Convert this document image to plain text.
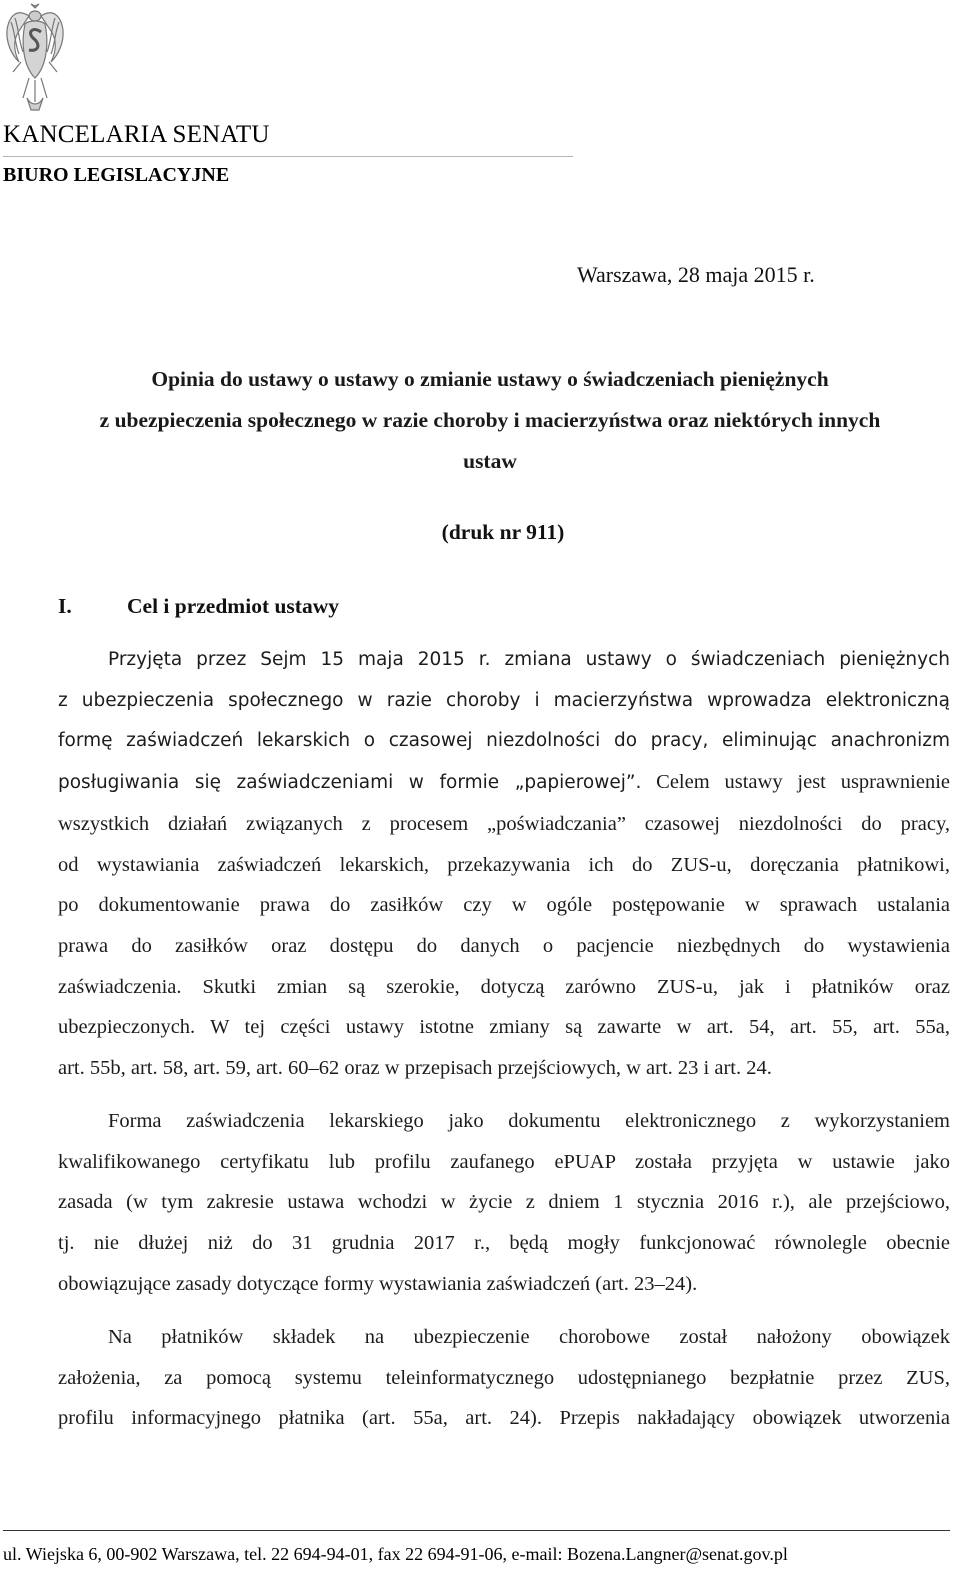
KANCELARIA SENATU
BIURO LEGISLACYJNE
Warszawa, 28 maja 2015 r.
Opinia do ustawy o ustawy o zmianie ustawy o świadczeniach pieniężnych
z ubezpieczenia społecznego w razie choroby i macierzyństwa oraz niektórych innych
ustaw
(druk nr 911)
I.	Cel i przedmiot ustawy
Przyjęta przez Sejm 15 maja 2015 r. zmiana ustawy o świadczeniach pieniężnych
z ubezpieczenia społecznego w razie choroby i macierzyństwa wprowadza elektroniczną
formę zaświadczeń lekarskich o czasowej niezdolności do pracy, eliminując anachronizm
posługiwania się zaświadczeniami w formie „papierowej”. Celem ustawy jest usprawnienie
wszystkich działań związanych z procesem „poświadczania” czasowej niezdolności do pracy,
od wystawiania zaświadczeń lekarskich, przekazywania ich do ZUS-u, doręczania płatnikowi,
po dokumentowanie prawa do zasiłków czy w ogóle postępowanie w sprawach ustalania
prawa do zasiłków oraz dostępu do danych o pacjencie niezbędnych do wystawienia
zaświadczenia. Skutki zmian są szerokie, dotyczą zarówno ZUS-u, jak i płatników oraz
ubezpieczonych. W tej części ustawy istotne zmiany są zawarte w art. 54, art. 55, art. 55a,
art. 55b, art. 58, art. 59, art. 60–62 oraz w przepisach przejściowych, w art. 23 i art. 24.
Forma zaświadczenia lekarskiego jako dokumentu elektronicznego z wykorzystaniem
kwalifikowanego certyfikatu lub profilu zaufanego ePUAP została przyjęta w ustawie jako
zasada (w tym zakresie ustawa wchodzi w życie z dniem 1 stycznia 2016 r.), ale przejściowo,
tj. nie dłużej niż do 31 grudnia 2017 r., będą mogły funkcjonować równolegle obecnie
obowiązujące zasady dotyczące formy wystawiania zaświadczeń (art. 23–24).
Na płatników składek na ubezpieczenie chorobowe został nałożony obowiązek
założenia, za pomocą systemu teleinformatycznego udostępnianego bezpłatnie przez ZUS,
profilu informacyjnego płatnika (art. 55a, art. 24). Przepis nakładający obowiązek utworzenia
ul. Wiejska 6, 00-902 Warszawa, tel. 22 694-94-01, fax 22 694-91-06, e-mail: Bozena.Langner@senat.gov.pl
